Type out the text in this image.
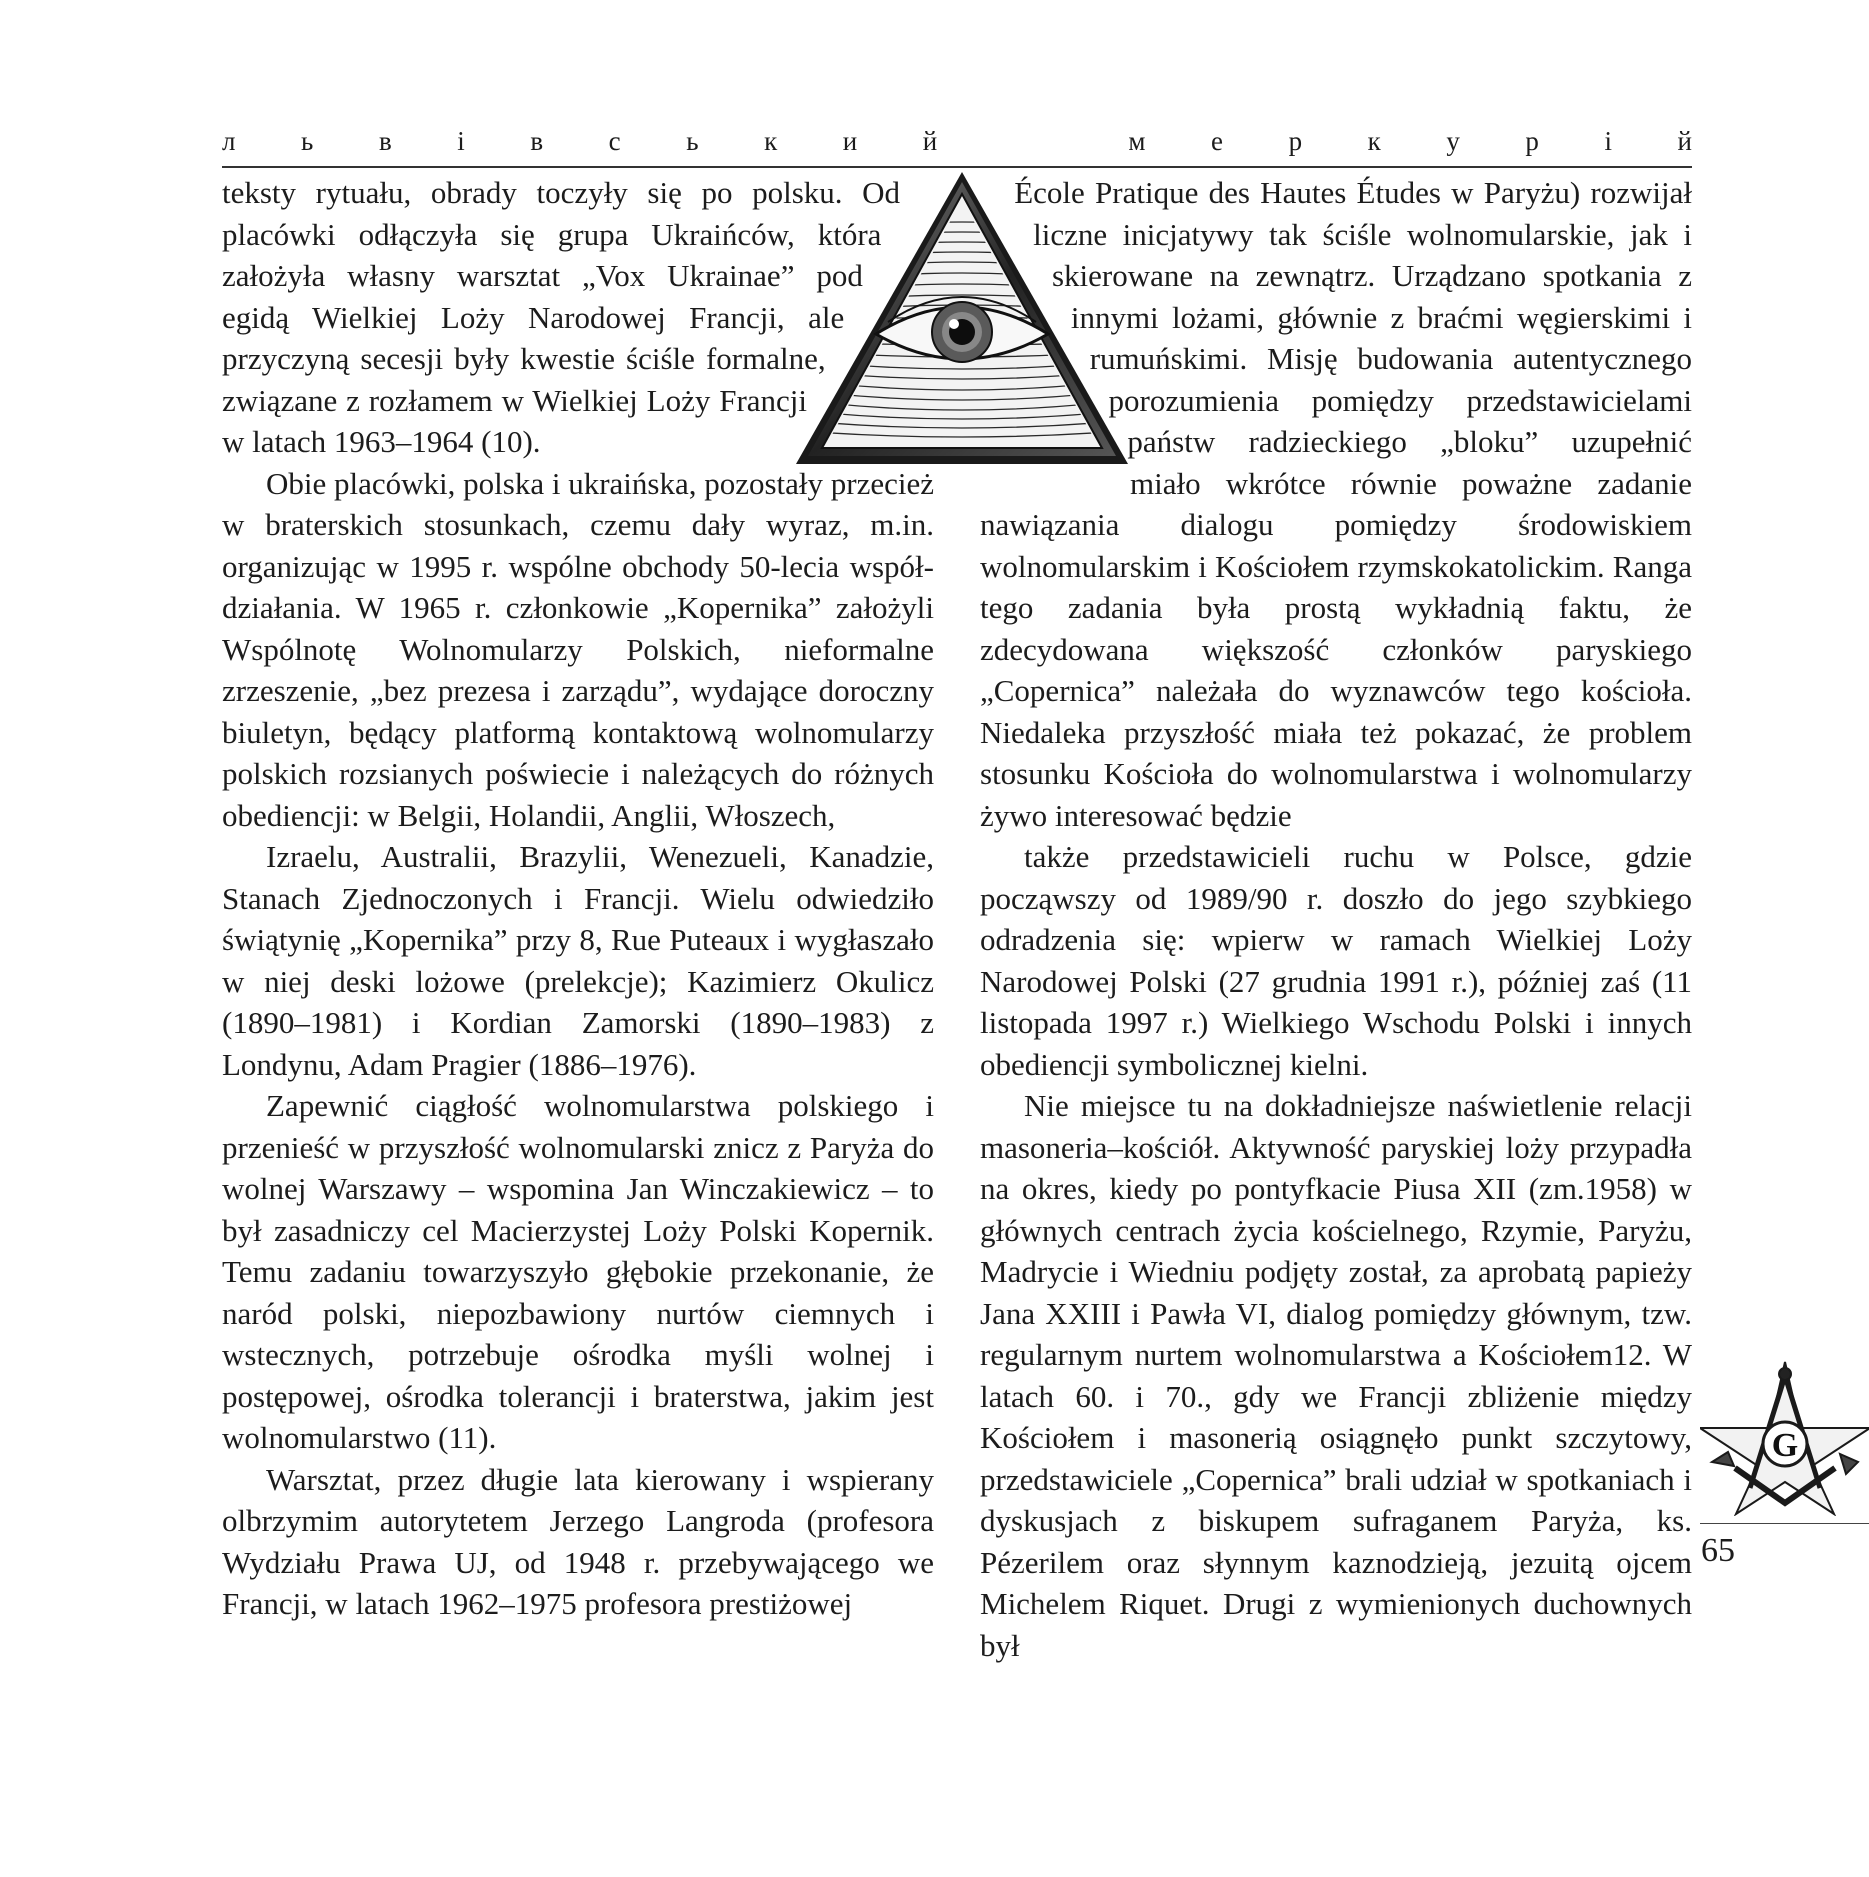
л ь в і в с ь к и й	м е р к у р і й

teksty rytuału, obrady toczyły się po polsku. Od placówki odłączyła się grupa Ukraińców, która założyła własny warsztat „Vox Ukrainae” pod egidą Wielkiej Loży Narodowej Francji, ale przyczyną secesji były kwestie ściśle formalne, związane z rozłamem w Wielkiej Loży Francji w latach 1963–1964 (10).

Obie placówki, polska i ukraińska, pozostały przecież w braterskich stosunkach, czemu dały wyraz, m.in. organizując w 1995 r. wspólne obchody 50-lecia współ-działania. W 1965 r. członkowie „Kopernika” założyli Wspólnotę Wolnomularzy Polskich, nieformalne zrzeszenie, „bez prezesa i zarządu”, wydające doroczny biuletyn, będący platformą kontaktową wolnomularzy polskich rozsianych poświecie i należących do różnych obediencji: w Belgii, Holandii, Anglii, Włoszech,

Izraelu, Australii, Brazylii, Wenezueli, Kanadzie, Stanach Zjednoczonych i Francji. Wielu odwiedziło świątynię „Kopernika” przy 8, Rue Puteaux i wygłaszało w niej deski lożowe (prelekcje); Kazimierz Okulicz (1890–1981) i Kordian Zamorski (1890–1983) z Londynu, Adam Pragier (1886–1976).

Zapewnić ciągłość wolnomularstwa polskiego i przenieść w przyszłość wolnomularski znicz z Paryża do wolnej Warszawy – wspomina Jan Winczakiewicz – to był zasadniczy cel Macierzystej Loży Polski Kopernik. Temu zadaniu towarzyszyło głębokie przekonanie, że naród polski, niepozbawiony nurtów ciemnych i wstecznych, potrzebuje ośrodka myśli wolnej i postępowej, ośrodka tolerancji i braterstwa, jakim jest wolnomularstwo (11).

Warsztat, przez długie lata kierowany i wspierany olbrzymim autorytetem Jerzego Langroda (profesora Wydziału Prawa UJ, od 1948 r. przebywającego we Francji, w latach 1962–1975 profesora prestiżowej

École Pratique des Hautes Études w Paryżu) rozwijał liczne inicjatywy tak ściśle wolnomularskie, jak i skierowane na zewnątrz. Urządzano spotkania z innymi lożami, głównie z braćmi węgierskimi i rumuńskimi. Misję budowania autentycznego porozumienia pomiędzy przedstawicielami państw radzieckiego „bloku” uzupełnić miało wkrótce równie poważne zadanie nawiązania dialogu pomiędzy środowiskiem wolnomularskim i Kościołem rzymskokatolickim. Ranga tego zadania była prostą wykładnią faktu, że zdecydowana większość członków paryskiego „Copernica” należała do wyznawców tego kościoła. Niedaleka przyszłość miała też pokazać, że problem stosunku Kościoła do wolnomularstwa i wolnomularzy żywo interesować będzie

także przedstawicieli ruchu w Polsce, gdzie począwszy od 1989/90 r. doszło do jego szybkiego odradzenia się: wpierw w ramach Wielkiej Loży Narodowej Polski (27 grudnia 1991 r.), później zaś (11 listopada 1997 r.) Wielkiego Wschodu Polski i innych obediencji symbolicznej kielni.

Nie miejsce tu na dokładniejsze naświetlenie relacji masoneria–kościół. Aktywność paryskiej loży przypadła na okres, kiedy po pontyfkacie Piusa XII (zm.1958) w głównych centrach życia kościelnego, Rzymie, Paryżu, Madrycie i Wiedniu podjęty został, za aprobatą papieży Jana XXIII i Pawła VI, dialog pomiędzy głównym, tzw. regularnym nurtem wolnomularstwa a Kościołem12. W latach 60. i 70., gdy we Francji zbliżenie między Kościołem i masonerią osiągnęło punkt szczytowy, przedstawiciele „Copernica” brali udział w spotkaniach i dyskusjach z biskupem sufraganem Paryża, ks. Pézerilem oraz słynnym kaznodzieją, jezuitą ojcem Michelem Riquet. Drugi z wymienionych duchownych był

G
65
